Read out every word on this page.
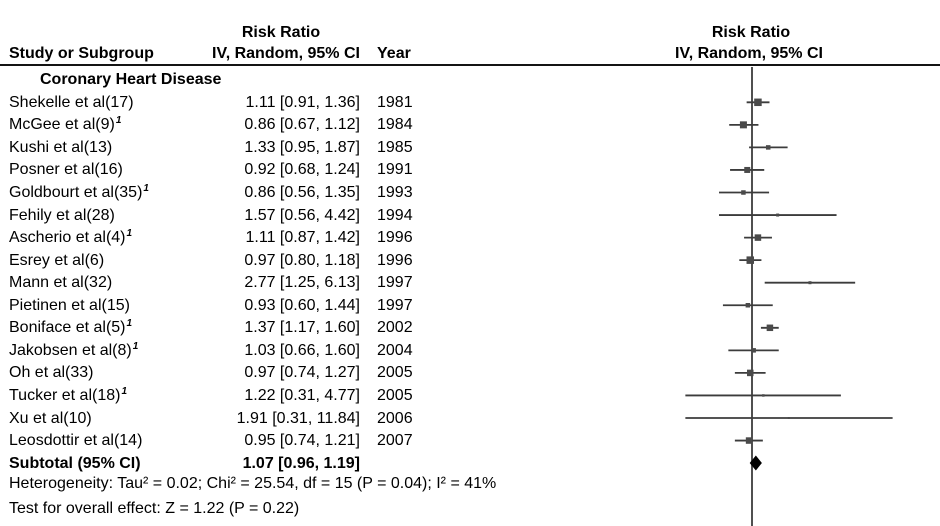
Risk Ratio	Risk Ratio
Study or Subgroup	IV, Random, 95% CI	Year	IV, Random, 95% CI
Coronary Heart Disease
Shekelle et al(17)	1.11 [0.91, 1.36] 1981
McGee et al(9)$^1$	0.86 [0.67, 1.12] 1984
Kushi et al(13)	1.33 [0.95, 1.87] 1985
Posner et al(16)	0.92 [0.68, 1.24] 1991
Goldbourt et al(35)$^1$	0.86 [0.56, 1.35] 1993
Fehily et al(28)	1.57 [0.56, 4.42] 1994
Ascherio et al(4)$^1$	1.11 [0.87, 1.42] 1996
Esrey et al(6)	0.97 [0.80, 1.18] 1996
Mann et al(32)	2.77 [1.25, 6.13] 1997
Pietinen et al(15)	0.93 [0.60, 1.44] 1997
Boniface et al(5)$^1$	1.37 [1.17, 1.60] 2002
Jakobsen et al(8)$^1$	1.03 [0.66, 1.60] 2004
Oh et al(33)	0.97 [0.74, 1.27] 2005
Tucker et al(18)$^1$	1.22 [0.31, 4.77] 2005
Xu et al(10)	1.91 [0.31, 11.84] 2006
Leosdottir et al(14)	0.95 [0.74, 1.21] 2007
Subtotal (95% CI)	1.07 [0.96, 1.19]
Heterogeneity: Tau² = 0.02; Chi² = 25.54, df = 15 (P = 0.04); I² = 41%
Test for overall effect: Z = 1.22 (P = 0.22)
